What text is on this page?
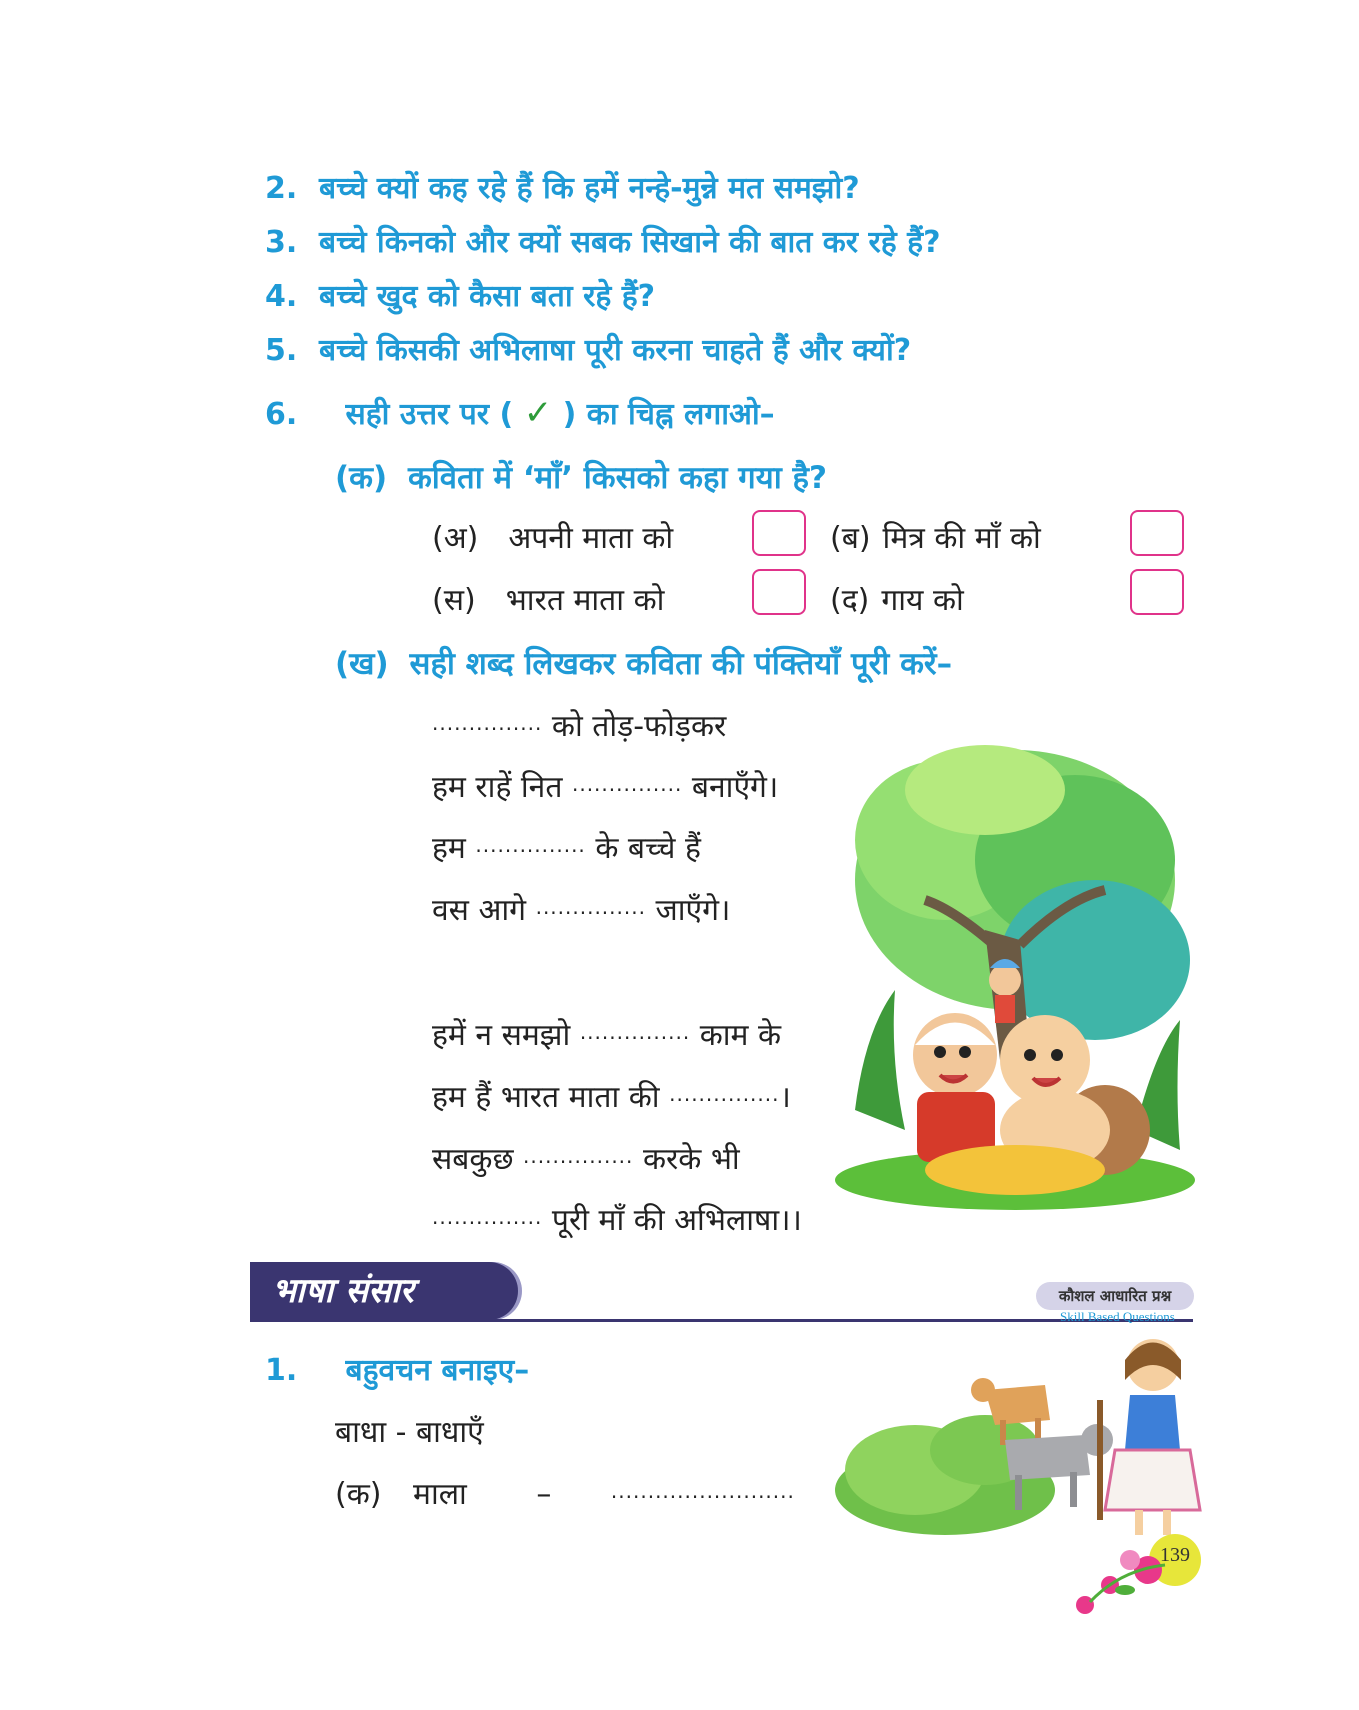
2. बच्चे क्यों कह रहे हैं कि हमें नन्हे-मुन्ने मत समझो?
3. बच्चे किनको और क्यों सबक सिखाने की बात कर रहे हैं?
4. बच्चे खुद को कैसा बता रहे हैं?
5. बच्चे किसकी अभिलाषा पूरी करना चाहते हैं और क्यों?
6. सही उत्तर पर ( ✓ ) का चिह्न लगाओ–
(क) कविता में ‘माँ’ किसको कहा गया है?
(अ) अपनी माता को	(ब) मित्र की माँ को
(स) भारत माता को	(द) गाय को
(ख) सही शब्द लिखकर कविता की पंक्तियाँ पूरी करें–
............... को तोड़-फोड़कर
हम राहें नित ............... बनाएँगे।
हम ............... के बच्चे हैं
वस आगे ............... जाएँगे।
हमें न समझो ............... काम के
हम हैं भारत माता की ...............।
सबकुछ ............... करके भी
............... पूरी माँ की अभिलाषा।।
भाषा संसार	कौशल आधारित प्रश्न
Skill Based Questions
1. बहुवचन बनाइए–
बाधा - बाधाएँ
(क) माला –	.........................
139
